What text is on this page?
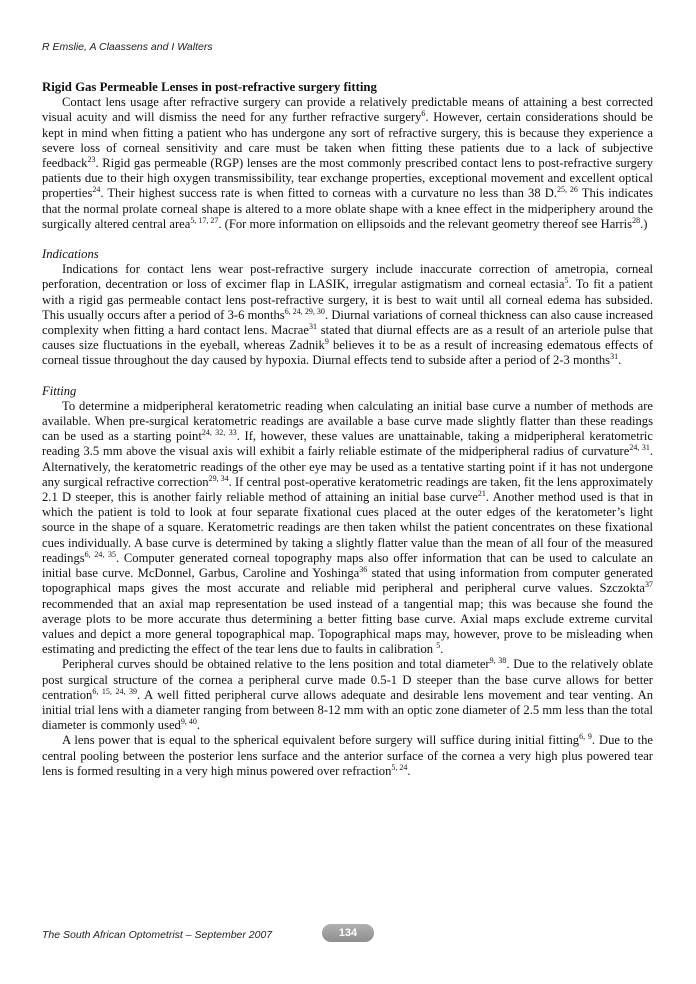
R Emslie, A Claassens and I Walters
Rigid Gas Permeable Lenses in post-refractive surgery fitting

Contact lens usage after refractive surgery can provide a relatively predictable means of attaining a best corrected visual acuity and will dismiss the need for any further refractive surgery$^6$. However, certain considerations should be kept in mind when fitting a patient who has undergone any sort of refractive surgery, this is because they experience a severe loss of corneal sensitivity and care must be taken when fitting these patients due to a lack of subjective feedback$^{23}$. Rigid gas permeable (RGP) lenses are the most commonly prescribed contact lens to post-refractive surgery patients due to their high oxygen transmissibility, tear exchange properties, exceptional movement and excellent optical properties$^{24}$. Their highest success rate is when fitted to corneas with a curvature no less than 38 D.$^{25, 26}$ This indicates that the normal prolate corneal shape is altered to a more oblate shape with a knee effect in the midperiphery around the surgically altered central area$^{5, 17, 27}$. (For more information on ellipsoids and the relevant geometry thereof see Harris$^{28}$.)

Indications

Indications for contact lens wear post-refractive surgery include inaccurate correction of ametropia, corneal perforation, decentration or loss of excimer flap in LASIK, irregular astigmatism and corneal ectasia$^5$. To fit a patient with a rigid gas permeable contact lens post-refractive surgery, it is best to wait until all corneal edema has subsided. This usually occurs after a period of 3-6 months$^{6, 24, 29, 30}$. Diurnal variations of corneal thickness can also cause increased complexity when fitting a hard contact lens. Macrae$^{31}$ stated that diurnal effects are as a result of an arteriole pulse that causes size fluctuations in the eyeball, whereas Zadnik$^9$ believes it to be as a result of increasing edematous effects of corneal tissue throughout the day caused by hypoxia. Diurnal effects tend to subside after a period of 2-3 months$^{31}$.

Fitting

To determine a midperipheral keratometric reading when calculating an initial base curve a number of methods are available. When pre-surgical keratometric readings are available a base curve made slightly flatter than these readings can be used as a starting point$^{24, 32, 33}$. If, however, these values are unattainable, taking a midperipheral keratometric reading 3.5 mm above the visual axis will exhibit a fairly reliable estimate of the midperipheral radius of curvature$^{24, 31}$. Alternatively, the keratometric readings of the other eye may be used as a tentative starting point if it has not undergone any surgical refractive correction$^{29, 34}$. If central post-operative keratometric readings are taken, fit the lens approximately 2.1 D steeper, this is another fairly reliable method of attaining an initial base curve$^{21}$. Another method used is that in which the patient is told to look at four separate fixational cues placed at the outer edges of the keratometer’s light source in the shape of a square. Keratometric readings are then taken whilst the patient concentrates on these fixational cues individually. A base curve is determined by taking a slightly flatter value than the mean of all four of the measured readings$^{6, 24, 35}$. Computer generated corneal topography maps also offer information that can be used to calculate an initial base curve. McDonnel, Garbus, Caroline and Yoshinga$^{36}$ stated that using information from computer generated topographical maps gives the most accurate and reliable mid peripheral and peripheral curve values. Szczokta$^{37}$ recommended that an axial map representation be used instead of a tangential map; this was because she found the average plots to be more accurate thus determining a better fitting base curve. Axial maps exclude extreme curvital values and depict a more general topographical map. Topographical maps may, however, prove to be misleading when estimating and predicting the effect of the tear lens due to faults in calibration $^5$.

Peripheral curves should be obtained relative to the lens position and total diameter$^{9, 38}$. Due to the relatively oblate post surgical structure of the cornea a peripheral curve made 0.5-1 D steeper than the base curve allows for better centration$^{6, 15, 24, 39}$. A well fitted peripheral curve allows adequate and desirable lens movement and tear venting. An initial trial lens with a diameter ranging from between 8-12 mm with an optic zone diameter of 2.5 mm less than the total diameter is commonly used$^{9, 40}$.

A lens power that is equal to the spherical equivalent before surgery will suffice during initial fitting$^{6, 9}$. Due to the central pooling between the posterior lens surface and the anterior surface of the cornea a very high plus powered tear lens is formed resulting in a very high minus powered over refraction$^{5, 24}$.

The South African Optometrist – September 2007	134
